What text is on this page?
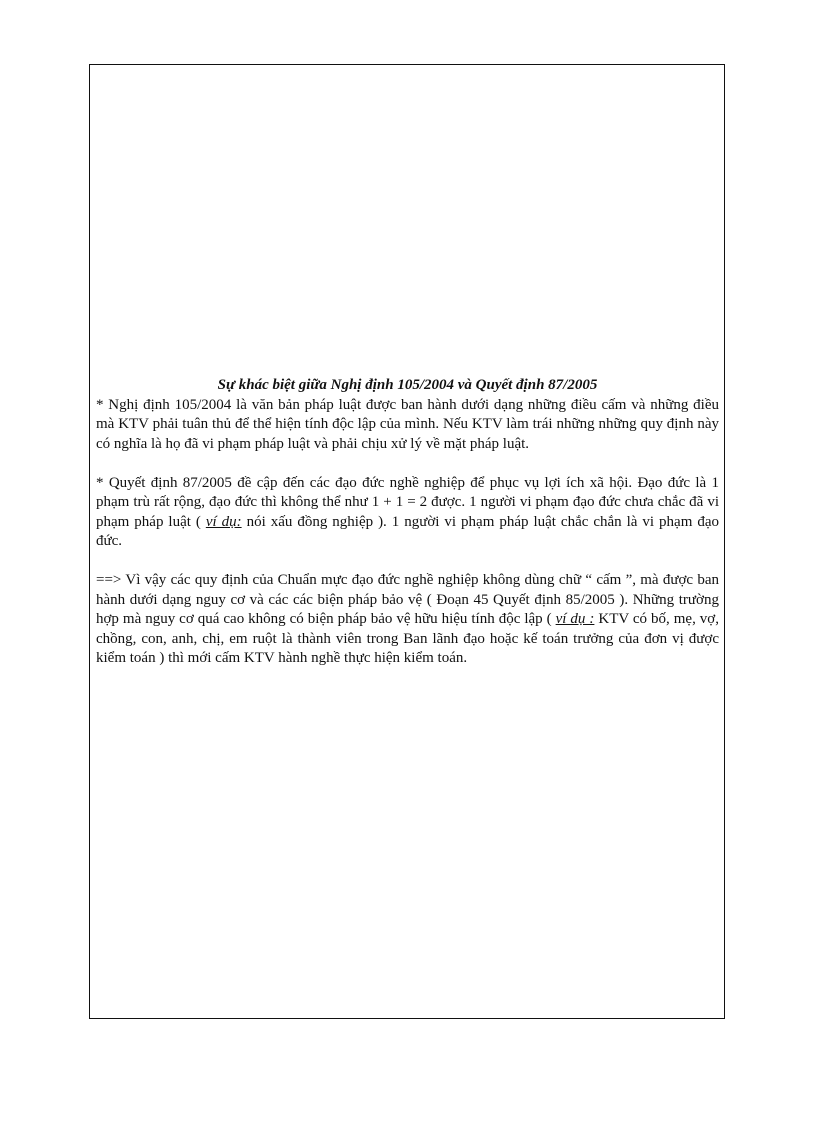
Sự khác biệt giữa Nghị định 105/2004 và Quyết định 87/2005

* Nghị định 105/2004 là văn bản pháp luật được ban hành dưới dạng những điều cấm và những điều mà KTV phải tuân thủ để thể hiện tính độc lập của mình. Nếu KTV làm trái những những quy định này có nghĩa là họ đã vi phạm pháp luật và phải chịu xử lý về mặt pháp luật.

* Quyết định 87/2005 đề cập đến các đạo đức nghề nghiệp để phục vụ lợi ích xã hội. Đạo đức là 1 phạm trù rất rộng, đạo đức thì không thể như 1 + 1 = 2 được. 1 người vi phạm đạo đức chưa chắc đã vi phạm pháp luật ( ví dụ: nói xấu đồng nghiệp ). 1 người vi phạm pháp luật chắc chắn là vi phạm đạo đức.

==> Vì vậy các quy định của Chuẩn mực đạo đức nghề nghiệp không dùng chữ “ cấm ”, mà được ban hành dưới dạng nguy cơ và các các biện pháp bảo vệ ( Đoạn 45 Quyết định 85/2005 ). Những trường hợp mà nguy cơ quá cao không có biện pháp bảo vệ hữu hiệu tính độc lập ( ví dụ : KTV có bố, mẹ, vợ, chồng, con, anh, chị, em ruột là thành viên trong Ban lãnh đạo hoặc kế toán trưởng của đơn vị được kiểm toán ) thì mới cấm KTV hành nghề thực hiện kiểm toán.
